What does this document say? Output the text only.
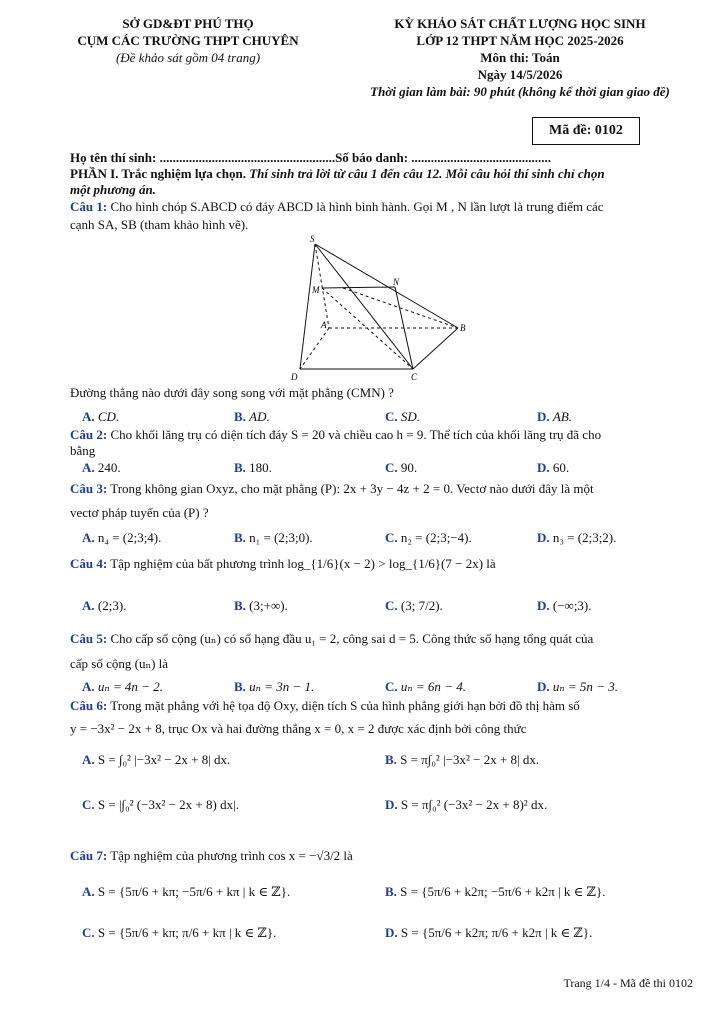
SỞ GD&ĐT PHÚ THỌ
CỤM CÁC TRƯỜNG THPT CHUYÊN
(Đề khảo sát gồm 04 trang)
KỲ KHẢO SÁT CHẤT LƯỢNG HỌC SINH
LỚP 12 THPT NĂM HỌC 2025-2026
Môn thi: Toán
Ngày 14/5/2026
Thời gian làm bài: 90 phút (không kể thời gian giao đề)
Mã đề: 0102
Họ tên thí sinh: ......................................................Số báo danh: ...........................................
PHẦN I. Trắc nghiệm lựa chọn. Thí sinh trả lời từ câu 1 đến câu 12. Mỗi câu hỏi thí sinh chỉ chọn
một phương án.
Câu 1: Cho hình chóp S.ABCD có đáy ABCD là hình bình hành. Gọi M , N lần lượt là trung điểm các
cạnh SA, SB (tham khảo hình vẽ).
S
M
N
A	B
D	C
Đường thẳng nào dưới đây song song với mặt phẳng (CMN) ?
A. CD.	B. AD.	C. SD.	D. AB.
Câu 2: Cho khối lăng trụ có diện tích đáy S = 20 và chiều cao h = 9. Thể tích của khối lăng trụ đã cho
bằng
A. 240.	B. 180.	C. 90.	D. 60.
Câu 3: Trong không gian Oxyz, cho mặt phẳng (P): 2x + 3y − 4z + 2 = 0. Vectơ nào dưới đây là một
vectơ pháp tuyến của (P) ?
A. n₄ = (2;3;4).	B. n₁ = (2;3;0).	C. n₂ = (2;3;−4).	D. n₃ = (2;3;2).
Câu 4: Tập nghiệm của bất phương trình log_{1/6}(x − 2) > log_{1/6}(7 − 2x) là
A. (2;3).	B. (3;+∞).	C. (3; 7/2).	D. (−∞;3).
Câu 5: Cho cấp số cộng (uₙ) có số hạng đầu u₁ = 2, công sai d = 5. Công thức số hạng tổng quát của
cấp số cộng (uₙ) là
A. uₙ = 4n − 2.	B. uₙ = 3n − 1.	C. uₙ = 6n − 4.	D. uₙ = 5n − 3.
Câu 6: Trong mặt phẳng với hệ tọa độ Oxy, diện tích S của hình phẳng giới hạn bởi đồ thị hàm số
y = −3x² − 2x + 8, trục Ox và hai đường thẳng x = 0, x = 2 được xác định bởi công thức
A. S = ∫₀² |−3x² − 2x + 8| dx.	B. S = π∫₀² |−3x² − 2x + 8| dx.
C. S = |∫₀² (−3x² − 2x + 8) dx|.	D. S = π∫₀² (−3x² − 2x + 8)² dx.
Câu 7: Tập nghiệm của phương trình cos x = −√3/2 là
A. S = {5π/6 + kπ; −5π/6 + kπ | k ∈ ℤ}.	B. S = {5π/6 + k2π; −5π/6 + k2π | k ∈ ℤ}.
C. S = {5π/6 + kπ; π/6 + kπ | k ∈ ℤ}.	D. S = {5π/6 + k2π; π/6 + k2π | k ∈ ℤ}.
Trang 1/4 - Mã đề thi 0102
